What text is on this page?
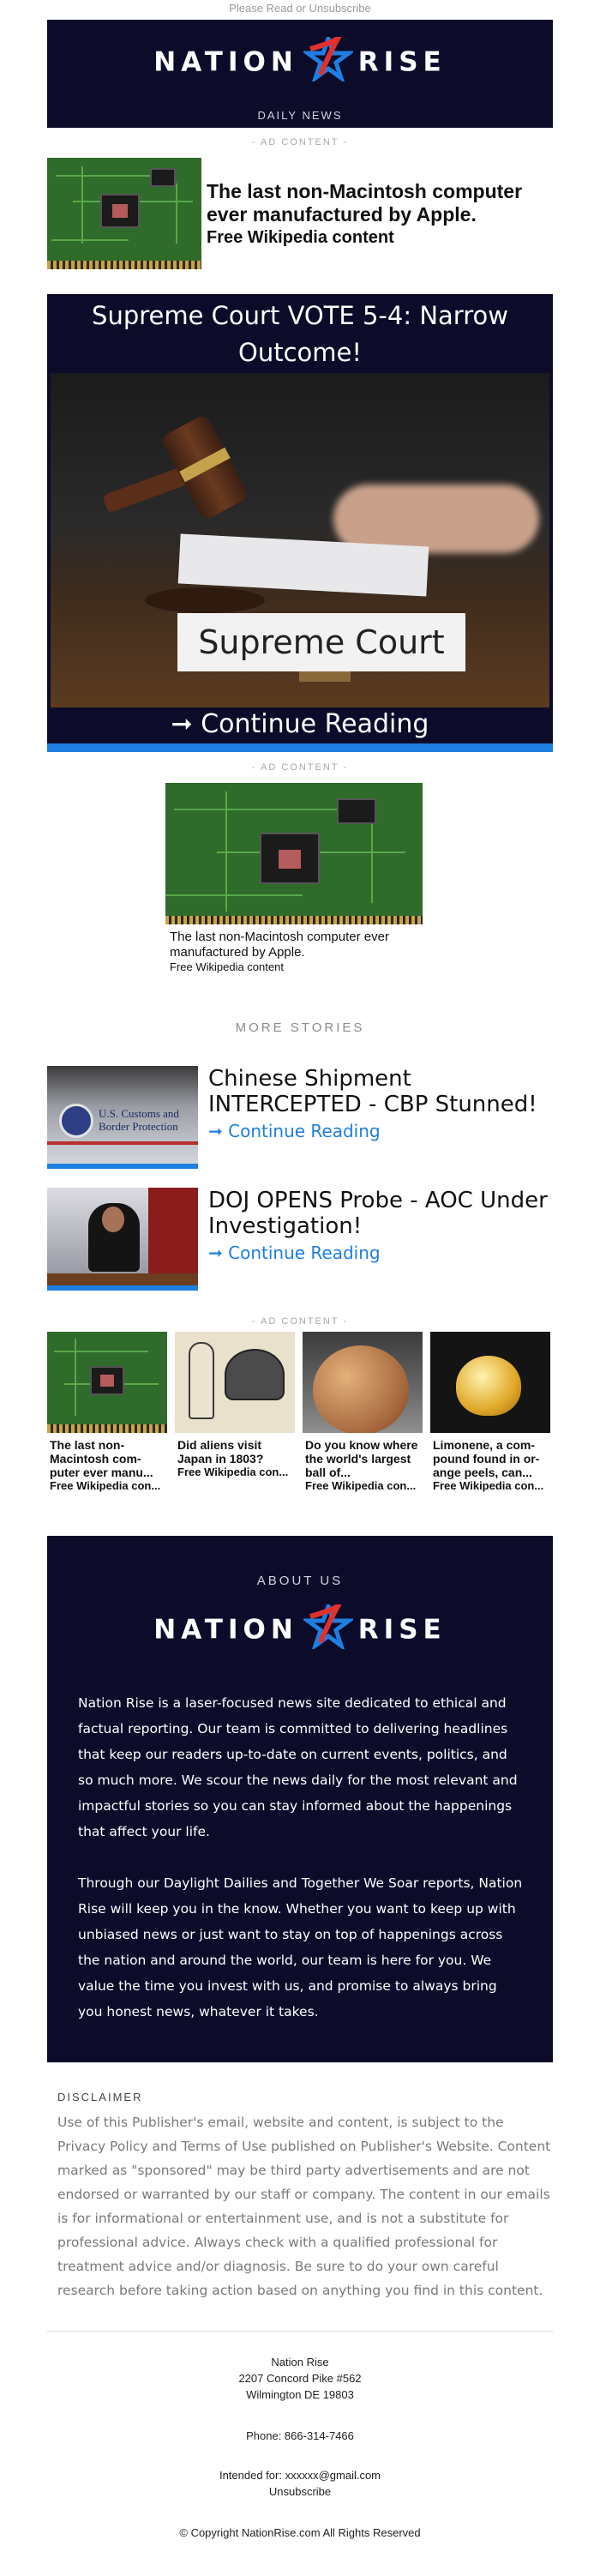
Please Read or Unsubscribe
NATION RISE
DAILY NEWS
- AD CONTENT -
The last non-Macintosh computer ever manufactured by Apple.
Free Wikipedia content
Supreme Court VOTE 5-4: Narrow Outcome!
Supreme Court
➞ Continue Reading
- AD CONTENT -
The last non-Macintosh computer ever manufactured by Apple.
Free Wikipedia content
MORE STORIES
U.S. Customs and Border Protection
Chinese Shipment INTERCEPTED - CBP Stunned!
➞ Continue Reading
DOJ OPENS Probe - AOC Under Investigation!
➞ Continue Reading
- AD CONTENT -
The last non-Macintosh com-puter ever manu...
Free Wikipedia con...
Did aliens visit Japan in 1803?
Free Wikipedia con...
Do you know where the world's largest ball of...
Free Wikipedia con...
Limonene, a com-pound found in or-ange peels, can...
Free Wikipedia con...
ABOUT US
NATION RISE
Nation Rise is a laser-focused news site dedicated to ethical and factual reporting. Our team is committed to delivering headlines that keep our readers up-to-date on current events, politics, and so much more. We scour the news daily for the most relevant and impactful stories so you can stay informed about the happenings that affect your life.
Through our Daylight Dailies and Together We Soar reports, Nation Rise will keep you in the know. Whether you want to keep up with unbiased news or just want to stay on top of happenings across the nation and around the world, our team is here for you. We value the time you invest with us, and promise to always bring you honest news, whatever it takes.
DISCLAIMER
Use of this Publisher's email, website and content, is subject to the Privacy Policy and Terms of Use published on Publisher's Website. Content marked as "sponsored" may be third party advertisements and are not endorsed or warranted by our staff or company. The content in our emails is for informational or entertainment use, and is not a substitute for professional advice. Always check with a qualified professional for treatment advice and/or diagnosis. Be sure to do your own careful research before taking action based on anything you find in this content.
Nation Rise
2207 Concord Pike #562
Wilmington DE 19803
Phone: 866-314-7466
Intended for: xxxxxx@gmail.com
Unsubscribe
© Copyright NationRise.com All Rights Reserved
